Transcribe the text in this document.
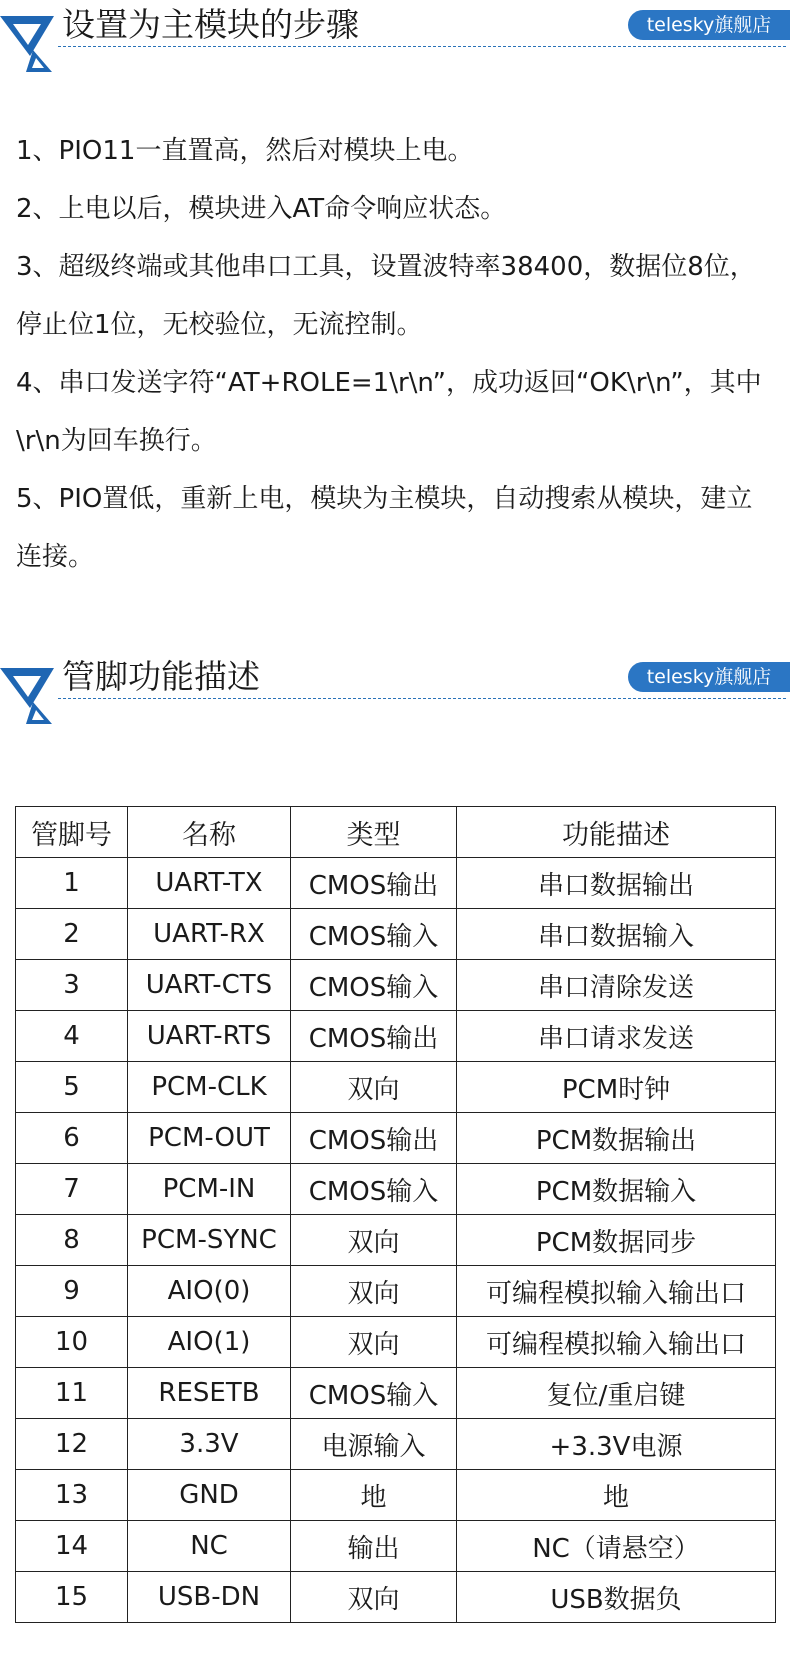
设置为主模块的步骤	telesky旗舰店

1、PIO11一直置高，然后对模块上电。

2、上电以后，模块进入AT命令响应状态。

3、超级终端或其他串口工具，设置波特率38400，数据位8位，停止位1位，无校验位，无流控制。

4、串口发送字符“AT+ROLE=1\r\n”，成功返回“OK\r\n”，其中\r\n为回车换行。

5、PIO置低，重新上电，模块为主模块，自动搜索从模块，建立连接。

管脚功能描述	telesky旗舰店
管脚号	名称	类型	功能描述
1	UART-TX	CMOS输出	串口数据输出
2	UART-RX	CMOS输入	串口数据输入
3	UART-CTS	CMOS输入	串口清除发送
4	UART-RTS	CMOS输出	串口请求发送
5	PCM-CLK	双向	PCM时钟
6	PCM-OUT	CMOS输出	PCM数据输出
7	PCM-IN	CMOS输入	PCM数据输入
8	PCM-SYNC	双向	PCM数据同步
9	AIO(0)	双向	可编程模拟输入输出口
10	AIO(1)	双向	可编程模拟输入输出口
11	RESETB	CMOS输入	复位/重启键
12	3.3V	电源输入	+3.3V电源
13	GND	地	地
14	NC	输出	NC（请悬空）
15	USB-DN	双向	USB数据负
